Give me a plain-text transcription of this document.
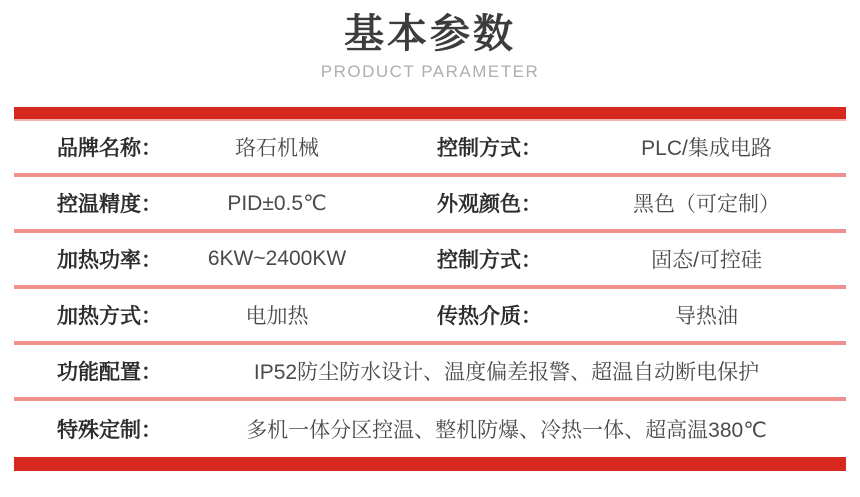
基本参数
PRODUCT PARAMETER
品牌名称：	珞石机械	控制方式：	PLC/集成电路
控温精度：	PID±0.5℃	外观颜色：	黑色（可定制）
加热功率：	6KW~2400KW	控制方式：	固态/可控硅
加热方式：	电加热	传热介质：	导热油
功能配置：	IP52防尘防水设计、温度偏差报警、超温自动断电保护
特殊定制：	多机一体分区控温、整机防爆、冷热一体、超高温380℃
